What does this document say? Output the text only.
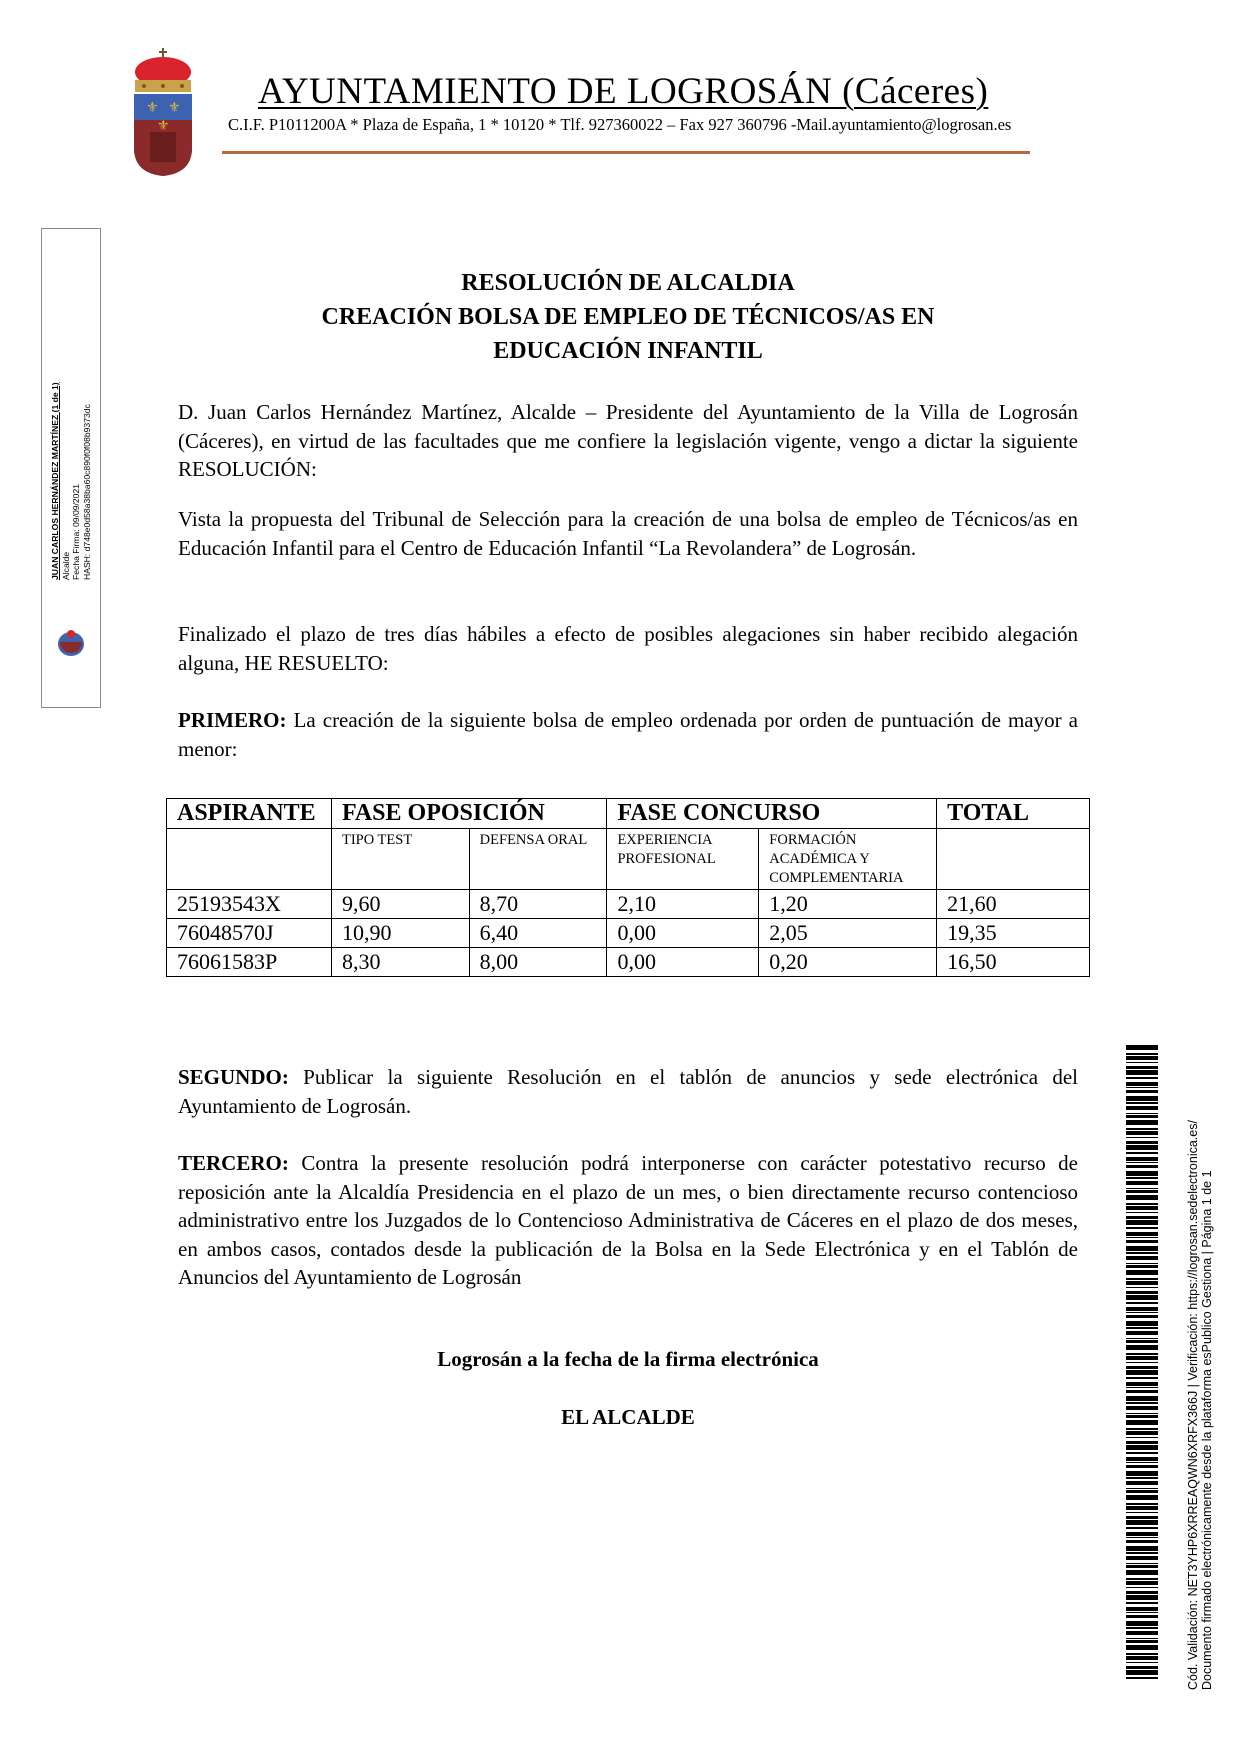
⚜ ⚜
⚜
AYUNTAMIENTO DE LOGROSÁN (Cáceres)
C.I.F. P1011200A * Plaza de España, 1 * 10120 * Tlf. 927360022 – Fax 927 360796 -Mail.ayuntamiento@logrosan.es
JUAN CARLOS HERNÁNDEZ MARTÍNEZ (1 de 1) Alcalde Fecha Firma: 09/09/2021 HASH: d748e0d58a38ba60c890f0f08b9373dc
RESOLUCIÓN DE ALCALDIA
CREACIÓN BOLSA DE EMPLEO DE TÉCNICOS/AS EN
EDUCACIÓN INFANTIL
D. Juan Carlos Hernández Martínez, Alcalde – Presidente del Ayuntamiento de la Villa de Logrosán (Cáceres), en virtud de las facultades que me confiere la legislación vigente, vengo a dictar la siguiente RESOLUCIÓN:
Vista la propuesta del Tribunal de Selección para la creación de una bolsa de empleo de Técnicos/as en Educación Infantil para el Centro de Educación Infantil “La Revolandera” de Logrosán.
Finalizado el plazo de tres días hábiles a efecto de posibles alegaciones sin haber recibido alegación alguna, HE RESUELTO:
PRIMERO: La creación de la siguiente bolsa de empleo ordenada por orden de puntuación de mayor a menor:
ASPIRANTE	FASE OPOSICIÓN		FASE CONCURSO		TOTAL
	TIPO TEST	DEFENSA ORAL	EXPERIENCIA PROFESIONAL	FORMACIÓN ACADÉMICA Y COMPLEMENTARIA	
25193543X	9,60	8,70	2,10	1,20	21,60
76048570J	10,90	6,40	0,00	2,05	19,35
76061583P	8,30	8,00	0,00	0,20	16,50
SEGUNDO: Publicar la siguiente Resolución en el tablón de anuncios y sede electrónica del Ayuntamiento de Logrosán.
TERCERO: Contra la presente resolución podrá interponerse con carácter potestativo recurso de reposición ante la Alcaldía Presidencia en el plazo de un mes, o bien directamente recurso contencioso administrativo entre los Juzgados de lo Contencioso Administrativa de Cáceres en el plazo de dos meses, en ambos casos, contados desde la publicación de la Bolsa en la Sede Electrónica y en el Tablón de Anuncios del Ayuntamiento de Logrosán
Logrosán a la fecha de la firma electrónica
EL ALCALDE	Cód. Validación: NET3YHP6XRREAQWN6XRFX366J | Verificación: https://logrosan.sedelectronica.es/ Documento firmado electrónicamente desde la plataforma esPublico Gestiona | Página 1 de 1
